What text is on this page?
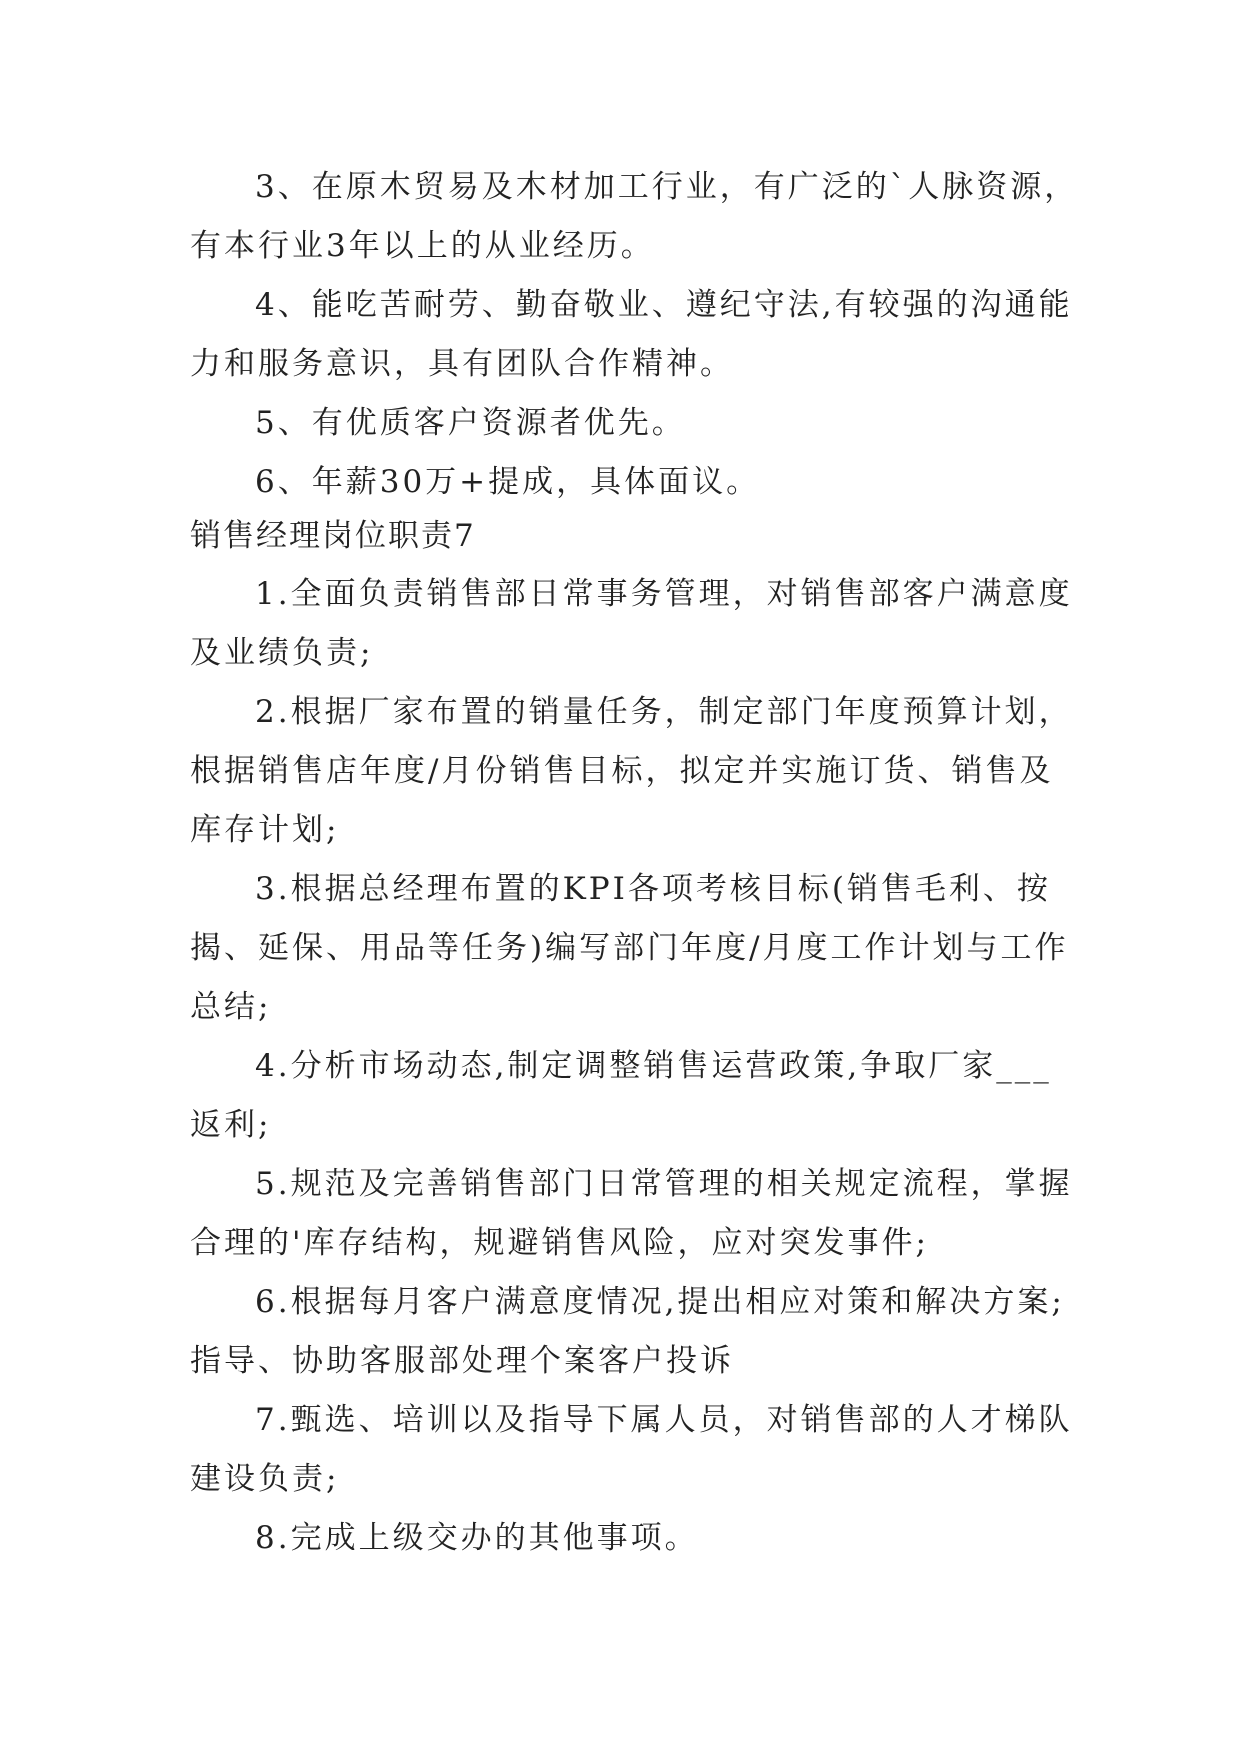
3、在原木贸易及木材加工行业，有广泛的`人脉资源，
有本行业3年以上的从业经历。
4、能吃苦耐劳、勤奋敬业、遵纪守法,有较强的沟通能
力和服务意识，具有团队合作精神。
5、有优质客户资源者优先。
6、年薪30万+提成，具体面议。
销售经理岗位职责7
1.全面负责销售部日常事务管理，对销售部客户满意度
及业绩负责;
2.根据厂家布置的销量任务，制定部门年度预算计划，
根据销售店年度/月份销售目标，拟定并实施订货、销售及
库存计划;
3.根据总经理布置的KPI各项考核目标(销售毛利、按
揭、延保、用品等任务)编写部门年度/月度工作计划与工作
总结;
4.分析市场动态,制定调整销售运营政策,争取厂家___
返利;
5.规范及完善销售部门日常管理的相关规定流程，掌握
合理的'库存结构，规避销售风险，应对突发事件;
6.根据每月客户满意度情况,提出相应对策和解决方案;
指导、协助客服部处理个案客户投诉
7.甄选、培训以及指导下属人员，对销售部的人才梯队
建设负责;
8.完成上级交办的其他事项。
